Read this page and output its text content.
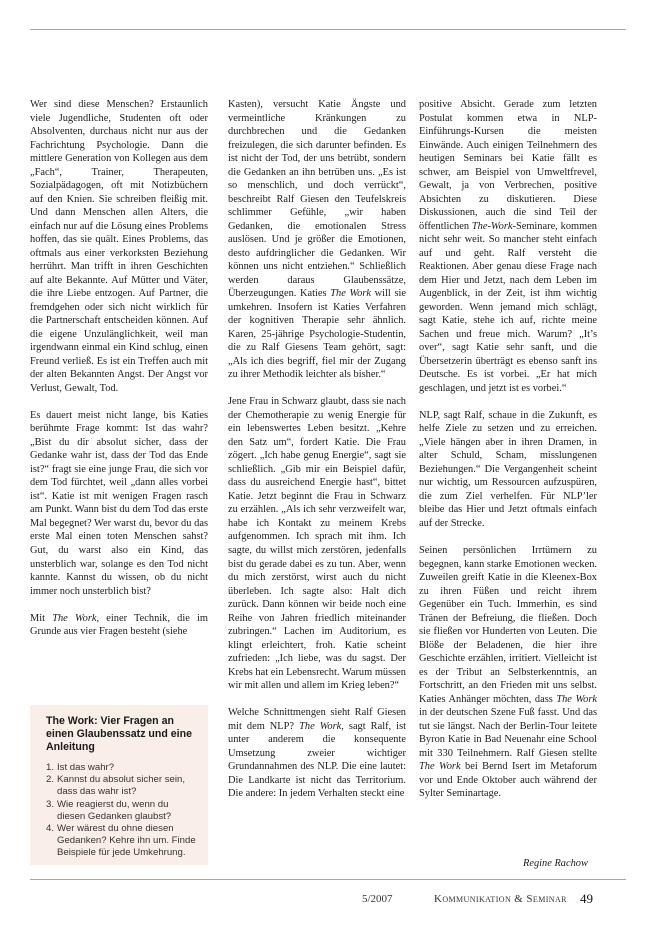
Wer sind diese Menschen? Erstaunlich viele Jugendliche, Studenten oft oder Absolventen, durchaus nicht nur aus der Fachrichtung Psychologie. Dann die mittlere Generation von Kollegen aus dem „Fach“, Trainer, Therapeuten, Sozialpädagogen, oft mit Notizbüchern auf den Knien. Sie schreiben fleißig mit. Und dann Menschen allen Alters, die einfach nur auf die Lösung eines Problems hoffen, das sie quält. Eines Problems, das oftmals aus einer verkorksten Beziehung herrührt. Man trifft in ihren Geschichten auf alte Bekannte. Auf Mütter und Väter, die ihre Liebe entzogen. Auf Partner, die fremdgehen oder sich nicht wirklich für die Partnerschaft entscheiden können. Auf die eigene Unzulänglichkeit, weil man irgendwann einmal ein Kind schlug, einen Freund verließ. Es ist ein Treffen auch mit der alten Bekannten Angst. Der Angst vor Verlust, Gewalt, Tod.

Es dauert meist nicht lange, bis Katies berühmte Frage kommt: Ist das wahr? „Bist du dir absolut sicher, dass der Gedanke wahr ist, dass der Tod das Ende ist?“ fragt sie eine junge Frau, die sich vor dem Tod fürchtet, weil „dann alles vorbei ist“. Katie ist mit wenigen Fragen rasch am Punkt. Wann bist du dem Tod das erste Mal begegnet? Wer warst du, bevor du das erste Mal einen toten Menschen sahst? Gut, du warst also ein Kind, das unsterblich war, solange es den Tod nicht kannte. Kannst du wissen, ob du nicht immer noch unsterblich bist?

Mit The Work, einer Technik, die im Grunde aus vier Fragen besteht (siehe

Kasten), versucht Katie Ängste und vermeintliche Kränkungen zu durchbrechen und die Gedanken freizulegen, die sich darunter befinden. Es ist nicht der Tod, der uns betrübt, sondern die Gedanken an ihn betrüben uns. „Es ist so menschlich, und doch verrückt“, beschreibt Ralf Giesen den Teufelskreis schlimmer Gefühle, „wir haben Gedanken, die emotionalen Stress auslösen. Und je größer die Emotionen, desto aufdringlicher die Gedanken. Wir können uns nicht entziehen.“ Schließlich werden daraus Glaubenssätze, Überzeugungen. Katies The Work will sie umkehren. Insofern ist Katies Verfahren der kognitiven Therapie sehr ähnlich. Karen, 25-jährige Psychologie-Studentin, die zu Ralf Giesens Team gehört, sagt: „Als ich dies begriff, fiel mir der Zugang zu ihrer Methodik leichter als bisher.“

Jene Frau in Schwarz glaubt, dass sie nach der Chemotherapie zu wenig Energie für ein lebenswertes Leben besitzt. „Kehre den Satz um“, fordert Katie. Die Frau zögert. „Ich habe genug Energie“, sagt sie schließlich. „Gib mir ein Beispiel dafür, dass du ausreichend Energie hast“, bittet Katie. Jetzt beginnt die Frau in Schwarz zu erzählen. „Als ich sehr verzweifelt war, habe ich Kontakt zu meinem Krebs aufgenommen. Ich sprach mit ihm. Ich sagte, du willst mich zerstören, jedenfalls bist du gerade dabei es zu tun. Aber, wenn du mich zerstörst, wirst auch du nicht überleben. Ich sagte also: Halt dich zurück. Dann können wir beide noch eine Reihe von Jahren friedlich miteinander zubringen.“ Lachen im Auditorium, es klingt erleichtert, froh. Katie scheint zufrieden: „Ich liebe, was du sagst. Der Krebs hat ein Lebensrecht. Warum müssen wir mit allen und allem im Krieg leben?“

Welche Schnittmengen sieht Ralf Giesen mit dem NLP? The Work, sagt Ralf, ist unter anderem die konsequente Umsetzung zweier wichtiger Grundannahmen des NLP. Die eine lautet: Die Landkarte ist nicht das Territorium. Die andere: In jedem Verhalten steckt eine

positive Absicht. Gerade zum letzten Postulat kommen etwa in NLP-Einführungs-Kursen die meisten Einwände. Auch einigen Teilnehmern des heutigen Seminars bei Katie fällt es schwer, am Beispiel von Umweltfrevel, Gewalt, ja von Verbrechen, positive Absichten zu diskutieren. Diese Diskussionen, auch die sind Teil der öffentlichen The-Work-Seminare, kommen nicht sehr weit. So mancher steht einfach auf und geht. Ralf versteht die Reaktionen. Aber genau diese Frage nach dem Hier und Jetzt, nach dem Leben im Augenblick, in der Zeit, ist ihm wichtig geworden. Wenn jemand mich schlägt, sagt Katie, stehe ich auf, richte meine Sachen und freue mich. Warum? „It’s over“, sagt Katie sehr sanft, und die Übersetzerin überträgt es ebenso sanft ins Deutsche. Es ist vorbei. „Er hat mich geschlagen, und jetzt ist es vorbei.“

NLP, sagt Ralf, schaue in die Zukunft, es helfe Ziele zu setzen und zu erreichen. „Viele hängen aber in ihren Dramen, in alter Schuld, Scham, misslungenen Beziehungen.“ Die Vergangenheit scheint nur wichtig, um Ressourcen aufzuspüren, die zum Ziel verhelfen. Für NLP’ler bleibe das Hier und Jetzt oftmals einfach auf der Strecke.

Seinen persönlichen Irrtümern zu begegnen, kann starke Emotionen wecken. Zuweilen greift Katie in die Kleenex-Box zu ihren Füßen und reicht ihrem Gegenüber ein Tuch. Immerhin, es sind Tränen der Befreiung, die fließen. Doch sie fließen vor Hunderten von Leuten. Die Blöße der Beladenen, die hier ihre Geschichte erzählen, irritiert. Vielleicht ist es der Tribut an Selbsterkenntnis, an Fortschritt, an den Frieden mit uns selbst. Katies Anhänger möchten, dass The Work in der deutschen Szene Fuß fasst. Und das tut sie längst. Nach der Berlin-Tour leitete Byron Katie in Bad Neuenahr eine School mit 330 Teilnehmern. Ralf Giesen stellte The Work bei Bernd Isert im Metaforum vor und Ende Oktober auch während der Sylter Seminartage.

The Work: Vier Fragen an einen Glaubenssatz und eine Anleitung
1. Ist das wahr?
2. Kannst du absolut sicher sein, dass das wahr ist?
3. Wie reagierst du, wenn du diesen Gedanken glaubst?
4. Wer wärest du ohne diesen Gedanken? Kehre ihn um. Finde Beispiele für jede Umkehrung.
Regine Rachow
5/2007	Kommunikation & Seminar 49
